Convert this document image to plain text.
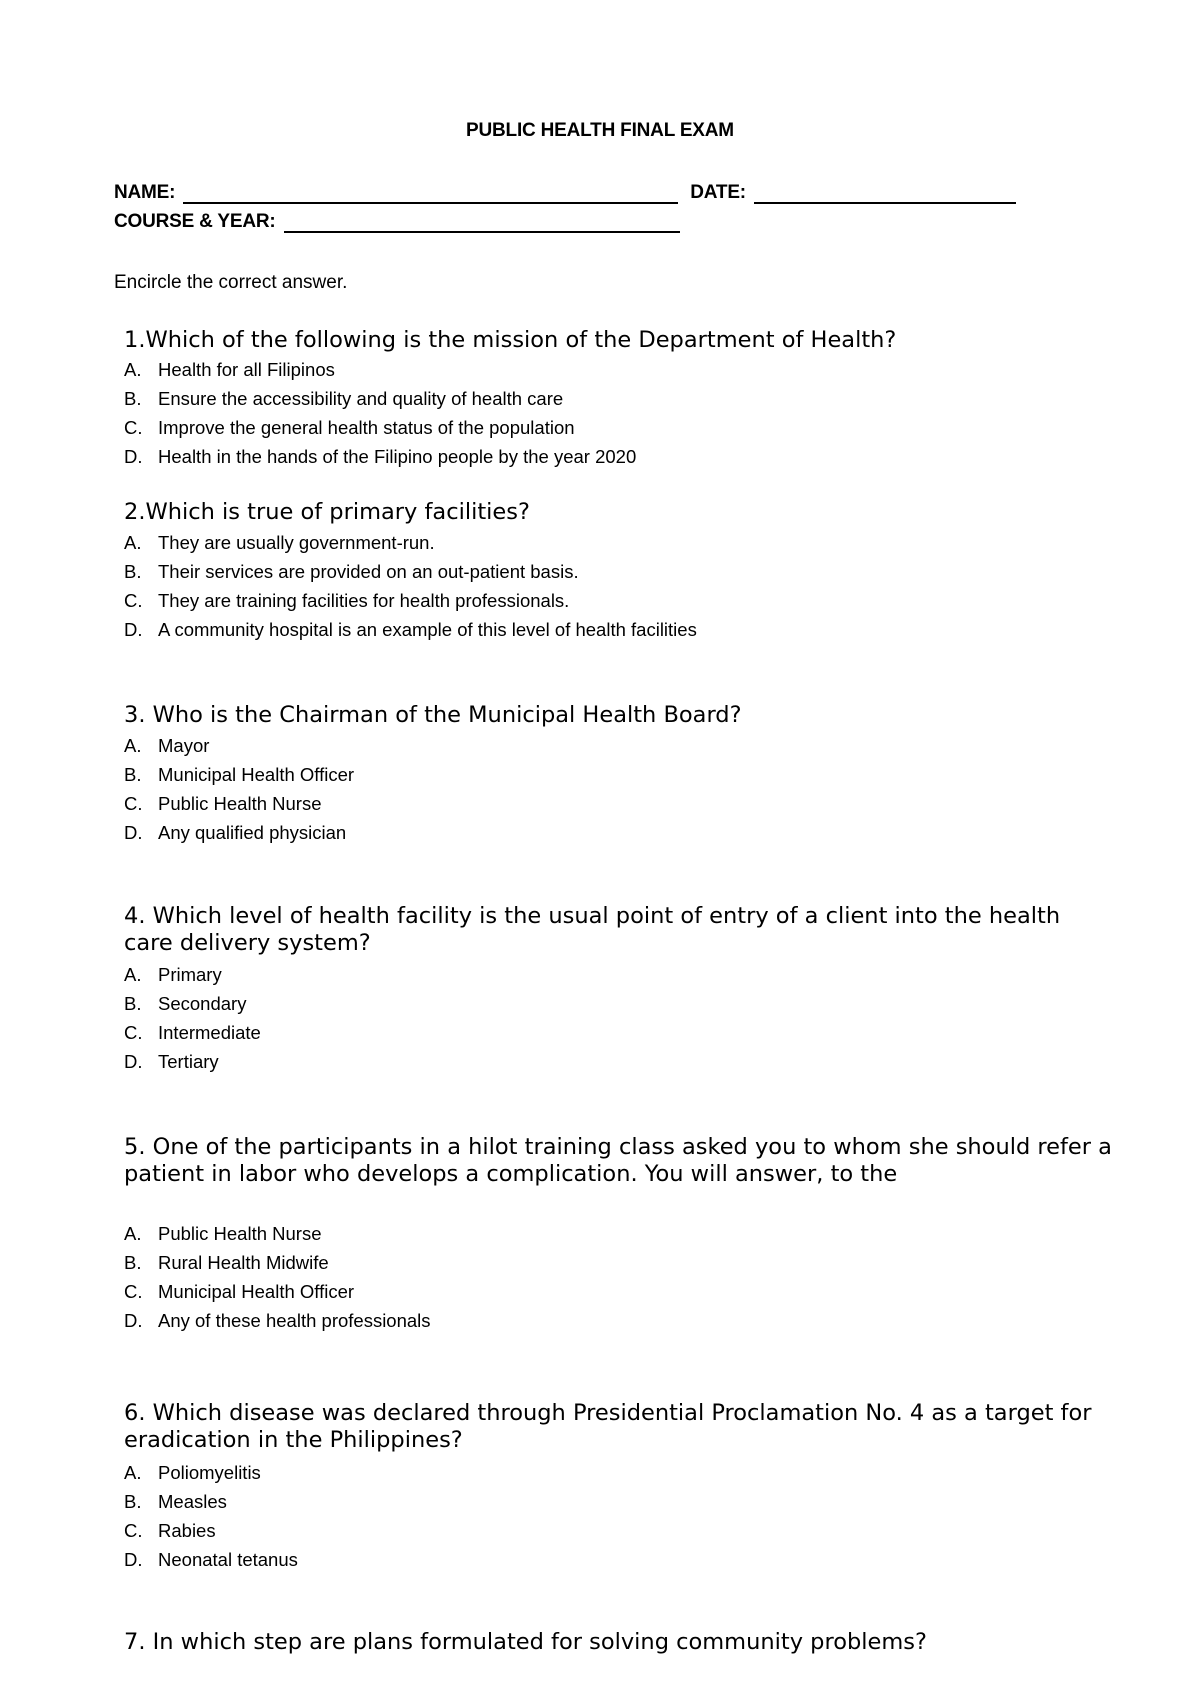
PUBLIC HEALTH FINAL EXAM
NAME:	DATE:
COURSE & YEAR:
Encircle the correct answer.
1.Which of the following is the mission of the Department of Health?
A. Health for all Filipinos
B. Ensure the accessibility and quality of health care
C. Improve the general health status of the population
D. Health in the hands of the Filipino people by the year 2020
2.Which is true of primary facilities?
A. They are usually government-run.
B. Their services are provided on an out-patient basis.
C. They are training facilities for health professionals.
D. A community hospital is an example of this level of health facilities
3. Who is the Chairman of the Municipal Health Board?
A. Mayor
B. Municipal Health Officer
C. Public Health Nurse
D. Any qualified physician
4. Which level of health facility is the usual point of entry of a client into the health care delivery system?
A. Primary
B. Secondary
C. Intermediate
D. Tertiary
5. One of the participants in a hilot training class asked you to whom she should refer a patient in labor who develops a complication. You will answer, to the
A. Public Health Nurse
B. Rural Health Midwife
C. Municipal Health Officer
D. Any of these health professionals
6. Which disease was declared through Presidential Proclamation No. 4 as a target for eradication in the Philippines?
A. Poliomyelitis
B. Measles
C. Rabies
D. Neonatal tetanus
7. In which step are plans formulated for solving community problems?
